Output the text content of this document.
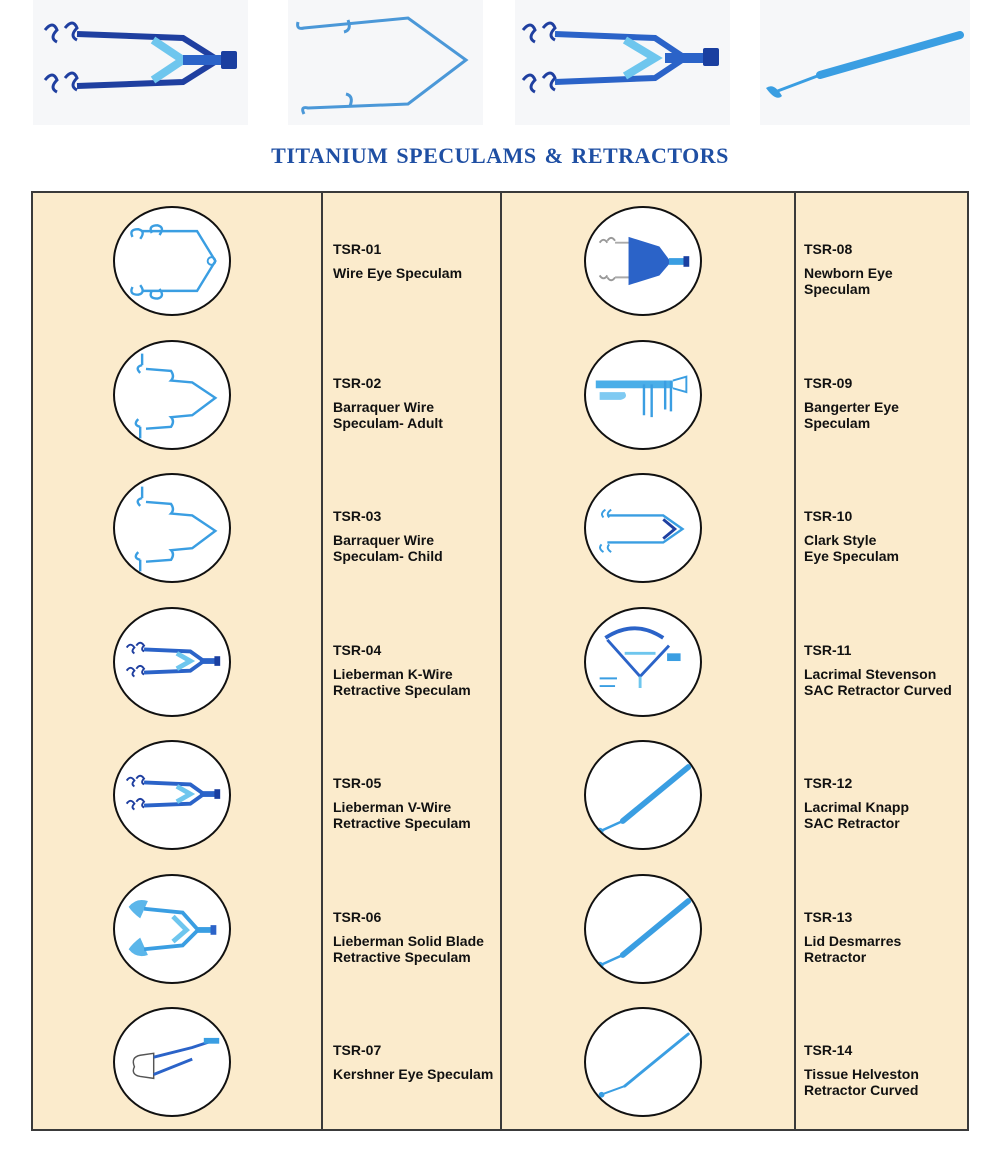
TITANIUM SPECULAMS & RETRACTORS
TSR-01
Wire Eye Speculam
TSR-02
Barraquer Wire
Speculam- Adult
TSR-03
Barraquer Wire
Speculam- Child
TSR-04
Lieberman K-Wire
Retractive Speculam
TSR-05
Lieberman V-Wire
Retractive Speculam
TSR-06
Lieberman Solid Blade
Retractive Speculam
TSR-07
Kershner Eye Speculam
TSR-08
Newborn Eye
Speculam
TSR-09
Bangerter Eye
Speculam
TSR-10
Clark Style
Eye Speculam
TSR-11
Lacrimal Stevenson
SAC Retractor Curved
TSR-12
Lacrimal Knapp
SAC Retractor
TSR-13
Lid Desmarres
Retractor
TSR-14
Tissue Helveston
Retractor Curved
